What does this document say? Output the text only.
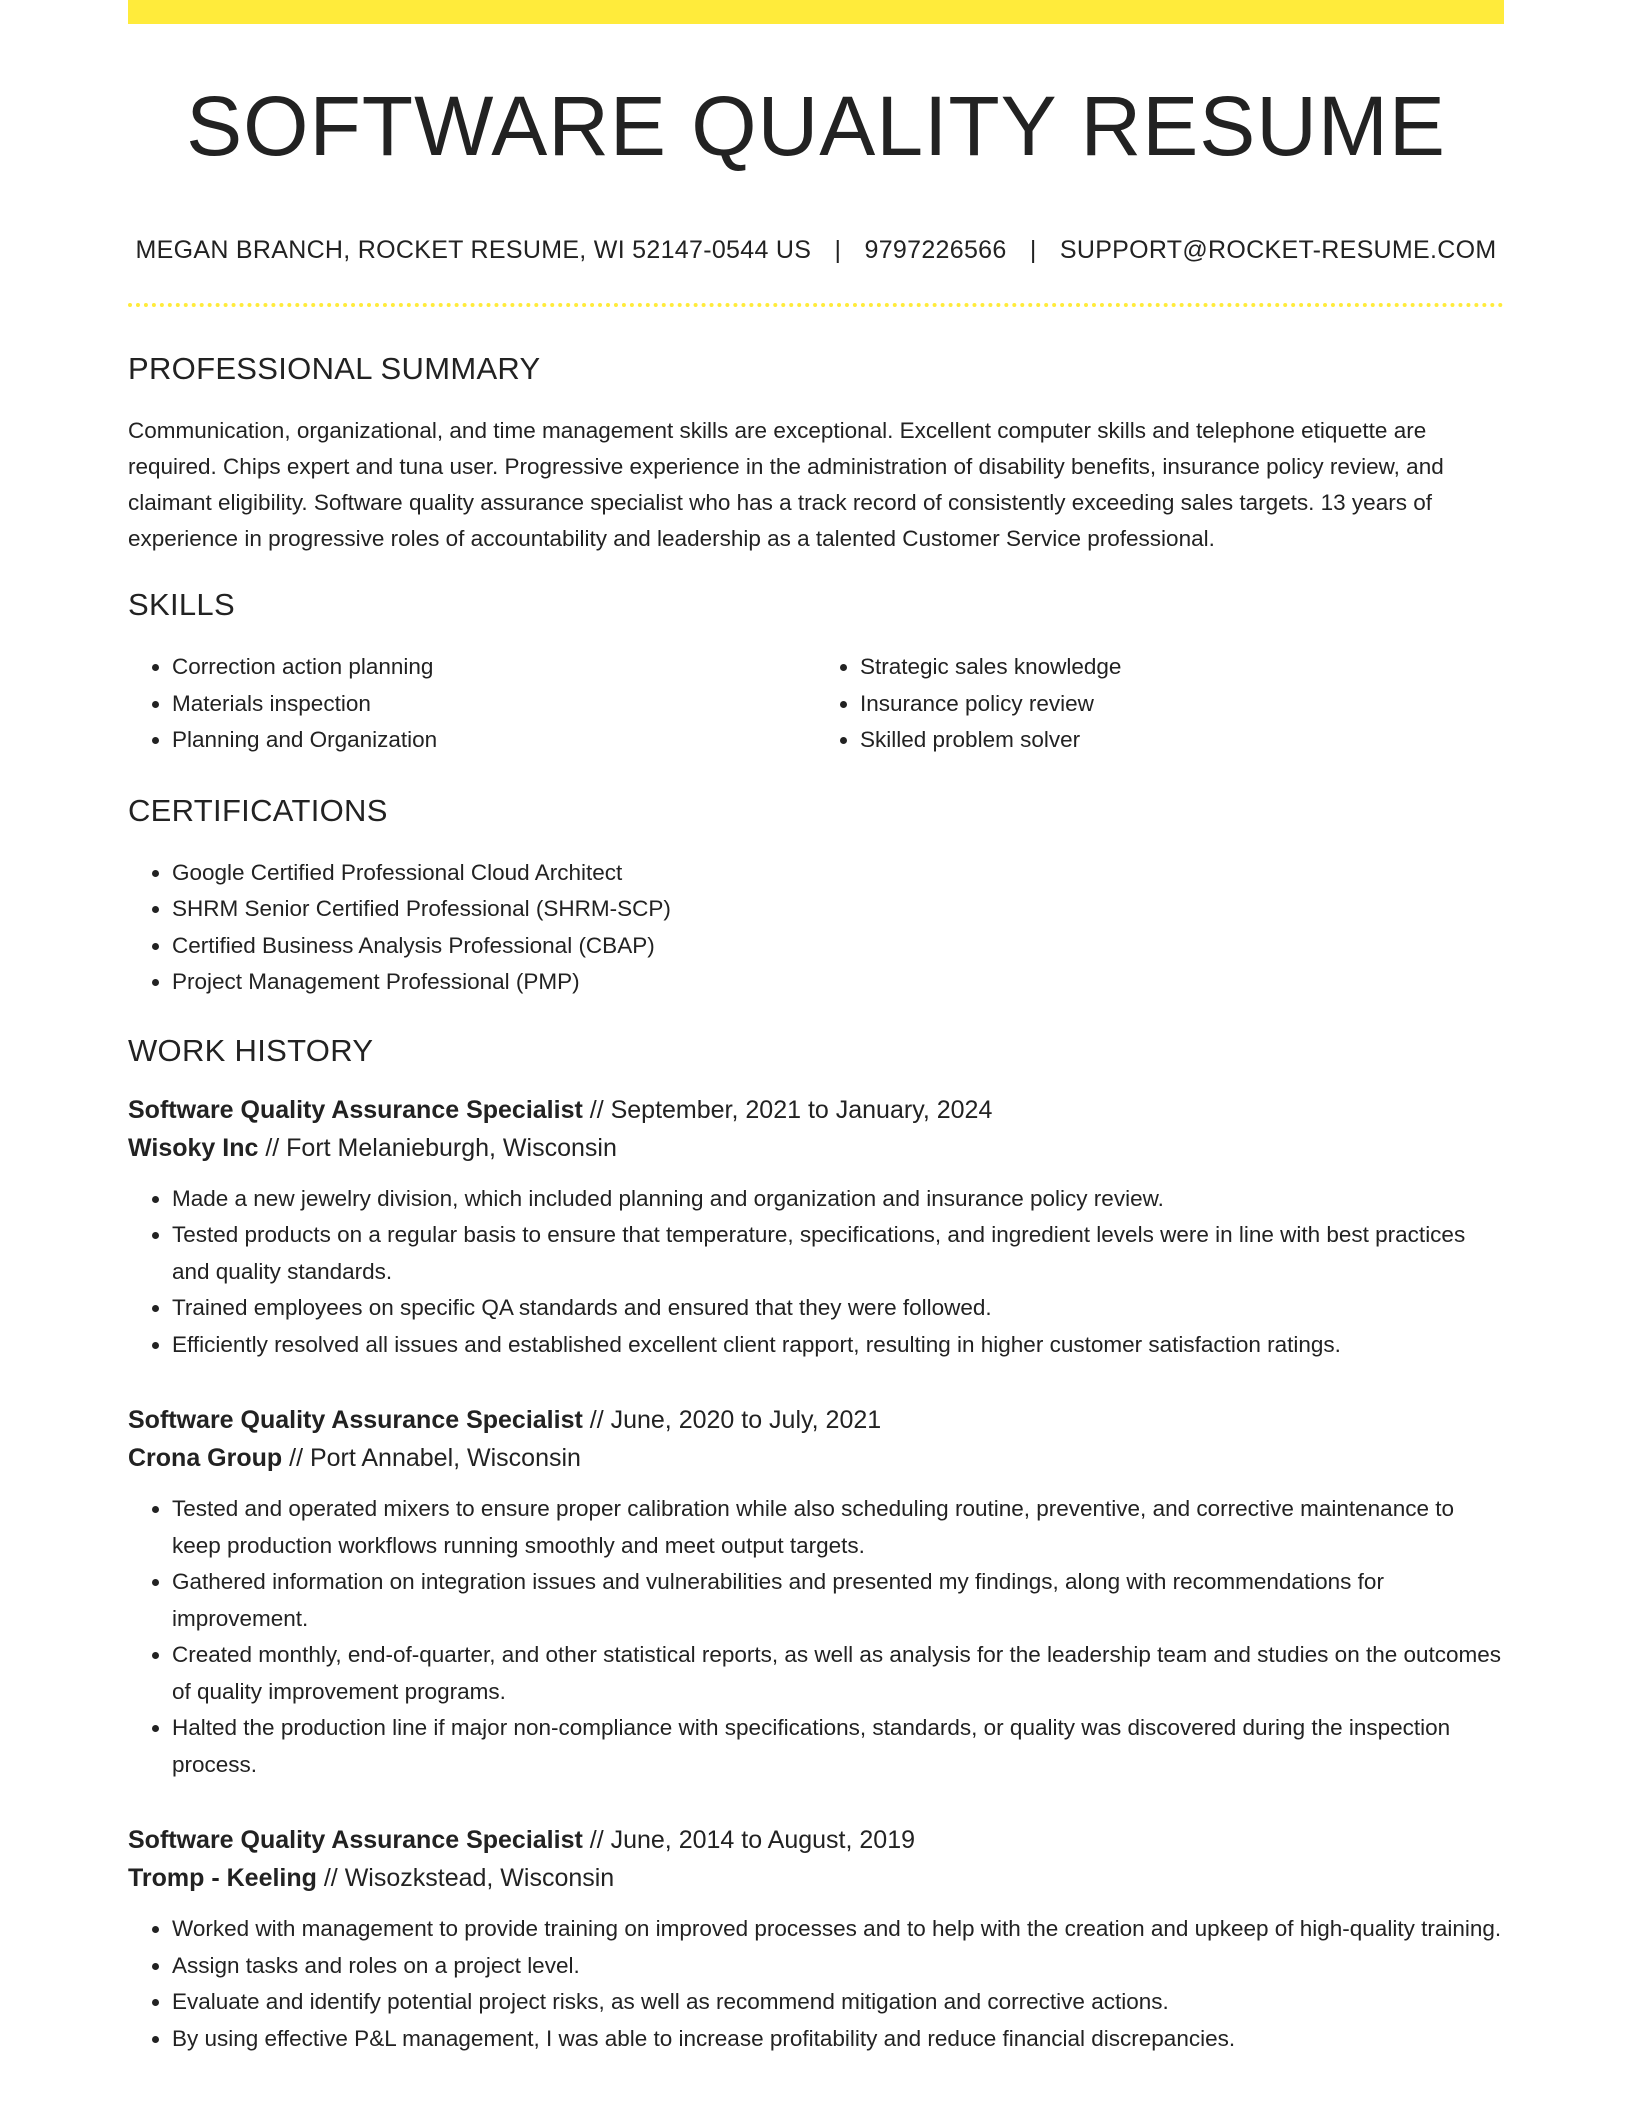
SOFTWARE QUALITY RESUME
MEGAN BRANCH, ROCKET RESUME, WI 52147-0544 US | 9797226566 | SUPPORT@ROCKET-RESUME.COM
PROFESSIONAL SUMMARY

Communication, organizational, and time management skills are exceptional. Excellent computer skills and telephone etiquette are required. Chips expert and tuna user. Progressive experience in the administration of disability benefits, insurance policy review, and claimant eligibility. Software quality assurance specialist who has a track record of consistently exceeding sales targets. 13 years of experience in progressive roles of accountability and leadership as a talented Customer Service professional.

SKILLS
• Correction action planning
• Materials inspection
• Planning and Organization
• Strategic sales knowledge
• Insurance policy review
• Skilled problem solver
CERTIFICATIONS
• Google Certified Professional Cloud Architect
• SHRM Senior Certified Professional (SHRM-SCP)
• Certified Business Analysis Professional (CBAP)
• Project Management Professional (PMP)
WORK HISTORY
Software Quality Assurance Specialist // September, 2021 to January, 2024
Wisoky Inc // Fort Melanieburgh, Wisconsin
• Made a new jewelry division, which included planning and organization and insurance policy review.
• Tested products on a regular basis to ensure that temperature, specifications, and ingredient levels were in line with best practices and quality standards.
• Trained employees on specific QA standards and ensured that they were followed.
• Efficiently resolved all issues and established excellent client rapport, resulting in higher customer satisfaction ratings.
Software Quality Assurance Specialist // June, 2020 to July, 2021
Crona Group // Port Annabel, Wisconsin
• Tested and operated mixers to ensure proper calibration while also scheduling routine, preventive, and corrective maintenance to keep production workflows running smoothly and meet output targets.
• Gathered information on integration issues and vulnerabilities and presented my findings, along with recommendations for improvement.
• Created monthly, end-of-quarter, and other statistical reports, as well as analysis for the leadership team and studies on the outcomes of quality improvement programs.
• Halted the production line if major non-compliance with specifications, standards, or quality was discovered during the inspection process.
Software Quality Assurance Specialist // June, 2014 to August, 2019
Tromp - Keeling // Wisozkstead, Wisconsin
• Worked with management to provide training on improved processes and to help with the creation and upkeep of high-quality training.
• Assign tasks and roles on a project level.
• Evaluate and identify potential project risks, as well as recommend mitigation and corrective actions.
• By using effective P&L management, I was able to increase profitability and reduce financial discrepancies.
